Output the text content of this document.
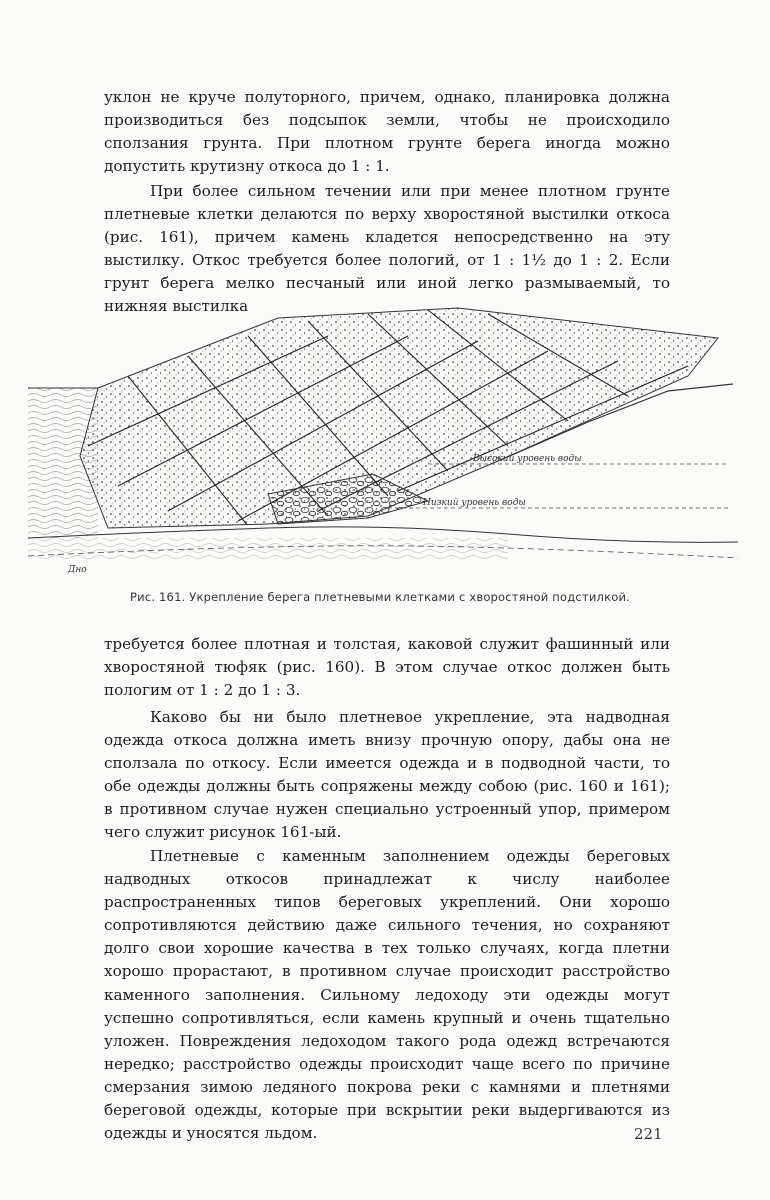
уклон не круче полуторного, причем, однако, планировка должна производиться без подсыпок земли, чтобы не происходило сползания грунта. При плотном грунте берега иногда можно допустить крутизну откоса до 1 : 1.

При более сильном течении или при менее плотном грунте плетневые клетки делаются по верху хворостяной выстилки откоса (рис. 161), причем камень кладется непосредственно на эту выстилку. Откос требуется более пологий, от 1 : 1½ до 1 : 2. Если грунт берега мелко песчаный или иной легко размываемый, то нижняя выстилка

Высокий уровень воды
Низкий уровень воды
Дно
Рис. 161. Укрепление берега плетневыми клетками с хворостяной подстилкой.

требуется более плотная и толстая, каковой служит фашинный или хворостяной тюфяк (рис. 160). В этом случае откос должен быть пологим от 1 : 2 до 1 : 3.

Каково бы ни было плетневое укрепление, эта надводная одежда откоса должна иметь внизу прочную опору, дабы она не сползала по откосу. Если имеется одежда и в подводной части, то обе одежды должны быть сопряжены между собою (рис. 160 и 161); в противном случае нужен специально устроенный упор, примером чего служит рисунок 161-ый.

Плетневые с каменным заполнением одежды береговых надводных откосов принадлежат к числу наиболее распространенных типов береговых укреплений. Они хорошо сопротивляются действию даже сильного течения, но сохраняют долго свои хорошие качества в тех только случаях, когда плетни хорошо прорастают, в противном случае происходит расстройство каменного заполнения. Сильному ледоходу эти одежды могут успешно сопротивляться, если камень крупный и очень тщательно уложен. Повреждения ледоходом такого рода одежд встречаются нередко; расстройство одежды происходит чаще всего по причине смерзания зимою ледяного покрова реки с камнями и плетнями береговой одежды, которые при вскрытии реки выдергиваются из одежды и уносятся льдом.	221
